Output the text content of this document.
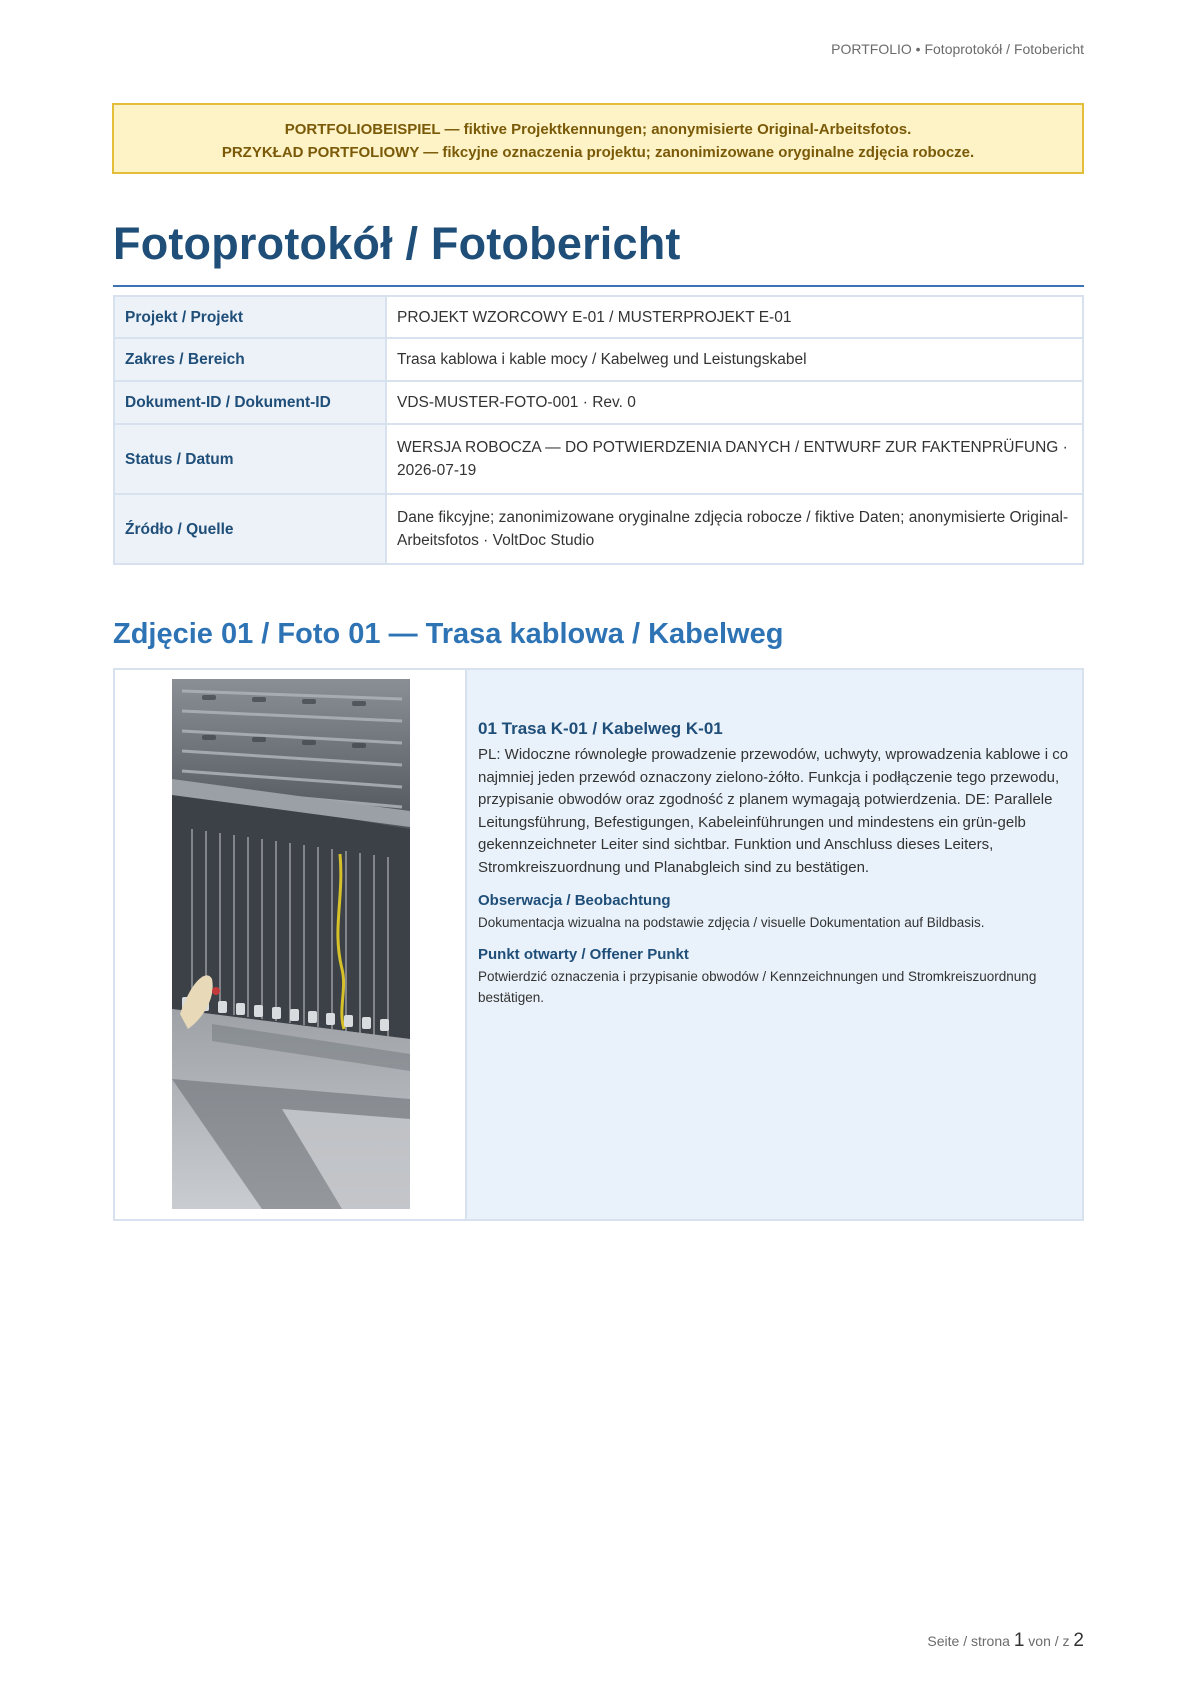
PORTFOLIO • Fotoprotokół / Fotobericht
PORTFOLIOBEISPIEL — fiktive Projektkennungen; anonymisierte Original-Arbeitsfotos.
PRZYKŁAD PORTFOLIOWY — fikcyjne oznaczenia projektu; zanonimizowane oryginalne zdjęcia robocze.
Fotoprotokół / Fotobericht
Projekt / Projekt	PROJEKT WZORCOWY E-01 / MUSTERPROJEKT E-01
Zakres / Bereich	Trasa kablowa i kable mocy / Kabelweg und Leistungskabel
Dokument-ID / Dokument-ID	VDS-MUSTER-FOTO-001 · Rev. 0
Status / Datum	WERSJA ROBOCZA — DO POTWIERDZENIA DANYCH / ENTWURF ZUR FAKTENPRÜFUNG · 2026-07-19
Źródło / Quelle	Dane fikcyjne; zanonimizowane oryginalne zdjęcia robocze / fiktive Daten; anonymisierte Original-Arbeitsfotos · VoltDoc Studio
Zdjęcie 01 / Foto 01 — Trasa kablowa / Kabelweg
01 Trasa K-01 / Kabelweg K-01

PL: Widoczne równoległe prowadzenie przewodów, uchwyty, wprowadzenia kablowe i co najmniej jeden przewód oznaczony zielono-żółto. Funkcja i podłączenie tego przewodu, przypisanie obwodów oraz zgodność z planem wymagają potwierdzenia. DE: Parallele Leitungsführung, Befestigungen, Kabeleinführungen und mindestens ein grün-gelb gekennzeichneter Leiter sind sichtbar. Funktion und Anschluss dieses Leiters, Stromkreiszuordnung und Planabgleich sind zu bestätigen.

Obserwacja / Beobachtung

Dokumentacja wizualna na podstawie zdjęcia / visuelle Dokumentation auf Bildbasis.

Punkt otwarty / Offener Punkt

Potwierdzić oznaczenia i przypisanie obwodów / Kennzeichnungen und Stromkreiszuordnung bestätigen.

Seite / strona 1 von / z 2
